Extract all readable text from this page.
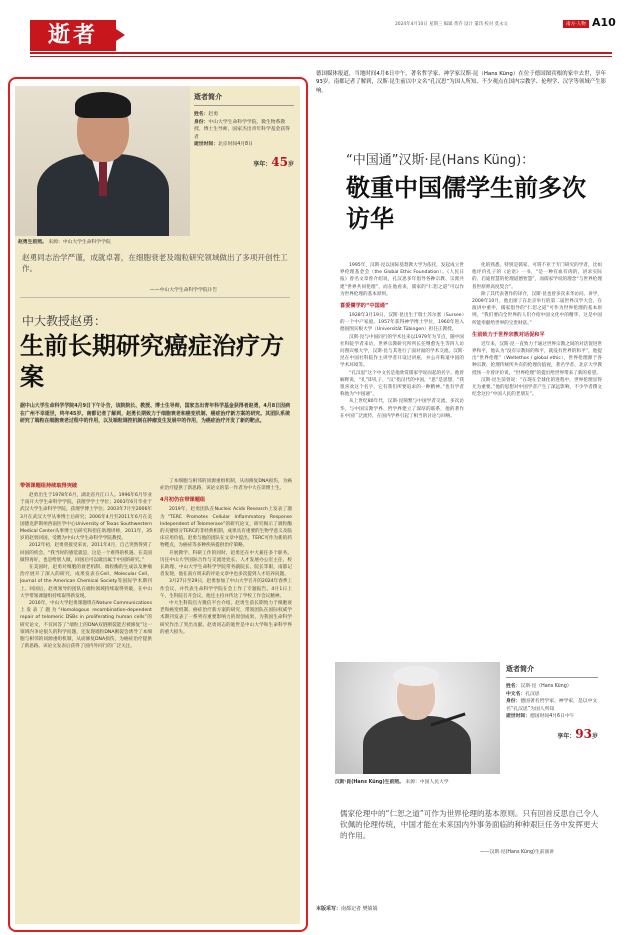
逝者	2024年4月10日 星期三 编辑 黄乔 设计 董玮 校对 莫永文	南方·人物 A10
赵勇生前照。 来源：中山大学生命科学学院
逝者简介
姓名：赵勇
身份：中山大学生命科学学院、微生物系教授、博士生导师，国家杰出青年科学基金获得者
逝世时间：北京时间4月8日
享年：45岁
赵勇同志治学严谨，成就卓著，在细胞衰老及端粒研究领域做出了多项开创性工作。
——中山大学生命科学学院讣告
中大教授赵勇：
生前长期研究癌症治疗方案
据中山大学生命科学学院4月9日下午讣告，该院院长、教授、博士生导师，国家杰出青年科学基金获得者赵勇，4月8日因病在广州不幸逝世，终年45岁。南都记者了解到，赵勇长期致力于细胞衰老和癌变机制、癌症治疗新方案的研究。其团队系统研究了端粒在细胞衰老过程中的作用，以及端粒调控机制在肿瘤发生发展中的作用，为癌症治疗开发了新的靶点。
带领课题组持续取得突破
赵勇出生于1978年6月，湖北省丹江口人。1996年6月毕业于南开大学生命科学学院，获理学学士学位；2003年6月毕业于武汉大学生命科学学院，获理学博士学位；2003年7月至2006年3月在武汉大学从事博士后研究；2006年4月至2011年6月在美国德克萨斯州西南医学中心University of Texas Southwestern Medical Center从事博士后研究和担任助理讲师，2011年，35岁的赵勇回国，受聘为中山大学生命科学学院教授。
2012年初，赵勇曾接受采访，2011年4月，自己突然得到了回国的机会。“我当时的感觉就是，这是一个难得的机遇。在美国做得再好，也是给别人做，回国后可以做出属于中国的研究。”
在美国时，赵勇对细胞的衰老机制、端粒酶的生成以及肿瘤治疗展开了深入的研究，成果发表在Cell、Molecular Cell、Journal of the American Chemical Society等国际学术期刊上。回国后，赵勇领导的团队在端粒领域持续取得突破，在中山大学带领课题组持续取得新发现。
2016年，中山大学赵勇课题组在Nature Communications上发表了题为“Homologous recombination-dependent repair of telomeric DSBs in proliferating human cells”的研究论文，不仅回答了“端粒上的DNA双链断裂能否被修复”这一领域内争论很久的科学问题，还发现端粒DNA断裂会诱导了本细胞与相邻的同源重组机制，从而修复DNA损伤，为癌症治疗提供了新思路。该论文发表后获得了国内外同行的广泛关注。
了本细胞与相邻的同源重组机制，从而修复DNA损伤，为癌症治疗提供了新思路，该论文的第一作者为中大在读博士生。
4月初仍在带课题组
2019年，赵勇团队在Nucleic Acids Research上发表了题为“TERC Promotes Cellular Inflammatory Response Independent of Telomerase”的研究论文，研究揭示了端粒酶的关键组分TERC的非经典机制，成果具有重要的生物学意义及临床应用价值。赵勇与他的团队在文章中提出，TERC可作为新的药物靶点，为癌症等多种疾病提供治疗策略。
开展教学、科研工作的同时，赵勇还在中大兼任多个职务。历任中山大学国际合作与交流处处长、人才发展办公室主任、校长助理、中山大学生命科学学院常务副院长、院长等职，南都记者发现，他在南方周末的评论文章中也多次提到人才培养问题。
3月27日至29日，赵勇参加了中山大学召开的2024年春季工作会议，并代表生命科学学院在会上作了专题报告。4月1日上午，生科院召开会议，他还主持并传达了学校工作会议精神。
中大生科院官方微信平台介绍，赵勇生前长期致力于细胞衰老和癌变机制、癌症治疗新方案的研究，带领团队在国际权威学术期刊发表了一系列有重要影响力的原创成果，为我国生命科学研究作出了突出贡献。赵勇同志的逝世是中山大学和生命科学界的重大损失。
德国媒体报道，当地时间4月6日中午，著名哲学家、神学家汉斯·昆（Hans Küng）在位于德国图宾根的家中去世，享年93岁。南都记者了解到，汉斯·昆生前以中文名“孔汉思”为国人所知，不少观点在国内宗教学、伦理学、汉学等领域产生影响。
“中国通”汉斯·昆(Hans Küng)：
敬重中国儒学生前多次访华
1995年，汉斯·昆以国际基督教大学为依托，发起成立世界伦理基金会（the Global Ethic Foundation）。《人民日报》曾名文章曾介绍说，孔汉思多年倡导各种宗教、宗派共建“世界共同伦理”，而在他看来，儒家的“仁恕之道”可以作为世界伦理的基本原则。
喜爱儒学的“中国通”
1928年3月19日，汉斯·昆出生于瑞士苏尔塞（Sursee）的一个中产家庭。1957年获得神学博士学位，1960年进入德国图宾根大学（Universität Tübingen）担任正教授。
汉斯·昆与中国同行的学术往来以1979年为节点，随中国社科院学者来访，世界宗教研究所所长任继愈先生等四人访问图宾根大学，汉斯·昆与其进行了面对面的学术交流。汉斯·昆在中国社科院作主讲学者开设过讲座，并公开称道中国的学术环境等。
“孔汉思”这个中文名是他欣赏儒家学说而起的名字。他曾解释说，“孔”即孔子，“汉”指汉代的中国，“思”是思想，“我很喜欢这个名字，它有我们所要追求的一种精神。”也有学者称他为“中国通”。
从上世纪80年代，汉斯·昆频繁与中国学者交流，多次访华，与中国宗教学界、哲学界建立了深厚的联系，他的著作在中国广泛流传，在国内学界引起了相当的讨论与回响。
化的熟悉，特别是儒家，可谓不亚于专门研究的学者，比如他评价孔子的《论语》一书，“是一种有血有肉的、讲求实际的、启迪智慧的伦理道德智慧”，而儒家学说的理念“与世界伦理普世原则高度契合”。
除了其代表著作的译介，汉斯·昆也曾多次来华访问、讲学，2009年10月，他出席了在北京举行的第二届世界汉学大会，在演讲中重申，儒家倡导的“仁恕之道”可作为世界伦理的基本原则，“我们要向全世界的人们介绍中国文化中的精华，这是中国所能奉献给世界的宝贵财富。”
生前致力于世界宗教对话促和平
近年来，汉斯·昆一直致力于通过世界宗教之间的对话促进世界和平，他认为“没有宗教间的和平，就没有世界的和平”，他提出“世界伦理”（Weltethos / global ethic），世界伦理源于各种宗教、伦理传统所共有的伦理价值观，著名学者、北京大学教授汤一介曾评价说，“世界伦理”的提出给世界带来了新的希望。
汉斯·昆生前曾说：“在现在全球化的进程中，世界伦理显得尤为重要。”他的思想对中国学者产生了深远影响，不少学者撰文纪念这位“中国人民的老朋友”。
汉斯·昆(Hans Küng)生前照。 来源：中国人民大学
逝者简介
姓名：汉斯·昆（Hans Küng）
中文名：孔汉思
身份：德国著名哲学家、神学家，是以中文名“孔汉思”为国人所知
逝世时间：德国时间4月6日中午
享年：93岁
儒家伦理中的“仁恕之道”可作为世界伦理的基本原则。只有回首反思自己令人钦佩的伦理传统，中国才能在未来国内外事务面临的种种艰巨任务中发挥更大的作用。
——汉斯·昆(Hans Küng)生前演讲
本版采写：南都记者 樊婧婧
